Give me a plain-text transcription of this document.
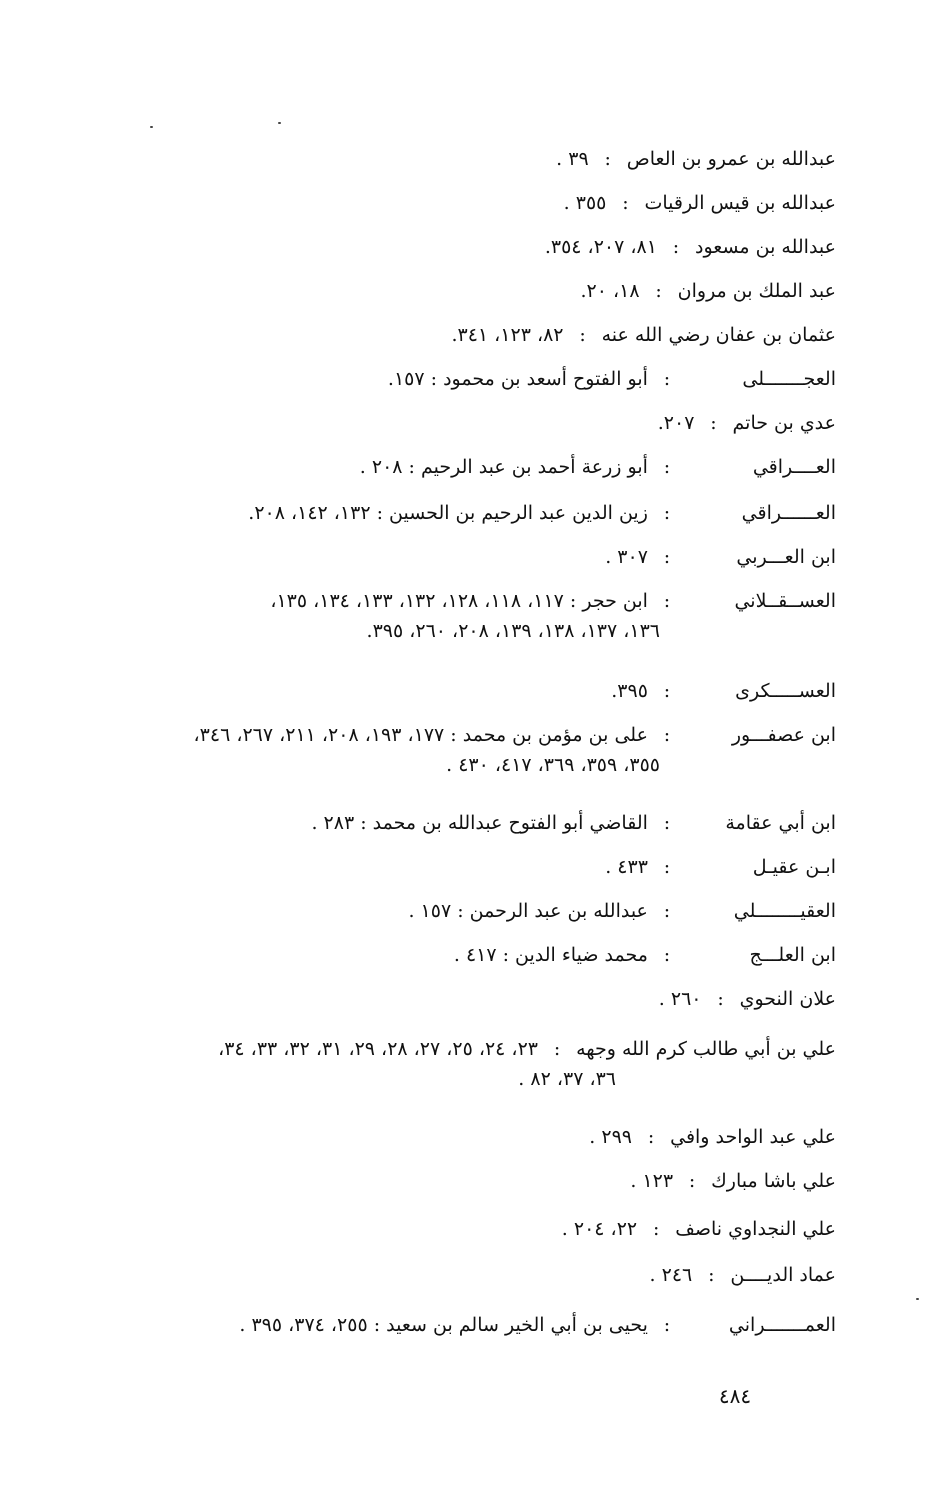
عبدالله بن عمرو بن العاص : ٣٩ .
عبدالله بن قيس الرقيات : ٣٥٥ .
عبدالله بن مسعود : ٨١، ٢٠٧، ٣٥٤.
عبد الملك بن مروان : ١٨، ٢٠.
عثمان بن عفان رضي الله عنه : ٨٢، ١٢٣، ٣٤١.
العجـــــــلى : أبو الفتوح أسعد بن محمود : ١٥٧.
عدي بن حاتم : ٢٠٧.
العــــراقي : أبو زرعة أحمد بن عبد الرحيم : ٢٠٨ .
العــــــراقي : زين الدين عبد الرحيم بن الحسين : ١٣٢، ١٤٢، ٢٠٨.
ابن العـــربي : ٣٠٧ .
العســقــلاني : ابن حجر : ١١٧، ١١٨، ١٢٨، ١٣٢، ١٣٣، ١٣٤، ١٣٥،
١٣٦، ١٣٧، ١٣٨، ١٣٩، ٢٠٨، ٢٦٠، ٣٩٥.
العســـــكرى : ٣٩٥.
ابن عصفـــور : على بن مؤمن بن محمد : ١٧٧، ١٩٣، ٢٠٨، ٢١١، ٢٦٧، ٣٤٦،
٣٥٥، ٣٥٩، ٣٦٩، ٤١٧، ٤٣٠ .
ابن أبي عقامة : القاضي أبو الفتوح عبدالله بن محمد : ٢٨٣ .
ابـن عقيـل : ٤٣٣ .
العقيــــــــلي : عبدالله بن عبد الرحمن : ١٥٧ .
ابن العلـــج : محمد ضياء الدين : ٤١٧ .
علان النحوي : ٢٦٠ .
علي بن أبي طالب كرم الله وجهه : ٢٣، ٢٤، ٢٥، ٢٧، ٢٨، ٢٩، ٣١، ٣٢، ٣٣، ٣٤،
٣٦، ٣٧، ٨٢ .
علي عبد الواحد وافي : ٢٩٩ .
علي باشا مبارك : ١٢٣ .
علي النجداوي ناصف : ٢٢، ٢٠٤ .
عماد الديــــن : ٢٤٦ .
العمـــــــراني : يحيى بن أبي الخير سالم بن سعيد : ٢٥٥، ٣٧٤، ٣٩٥ .
٤٨٤
